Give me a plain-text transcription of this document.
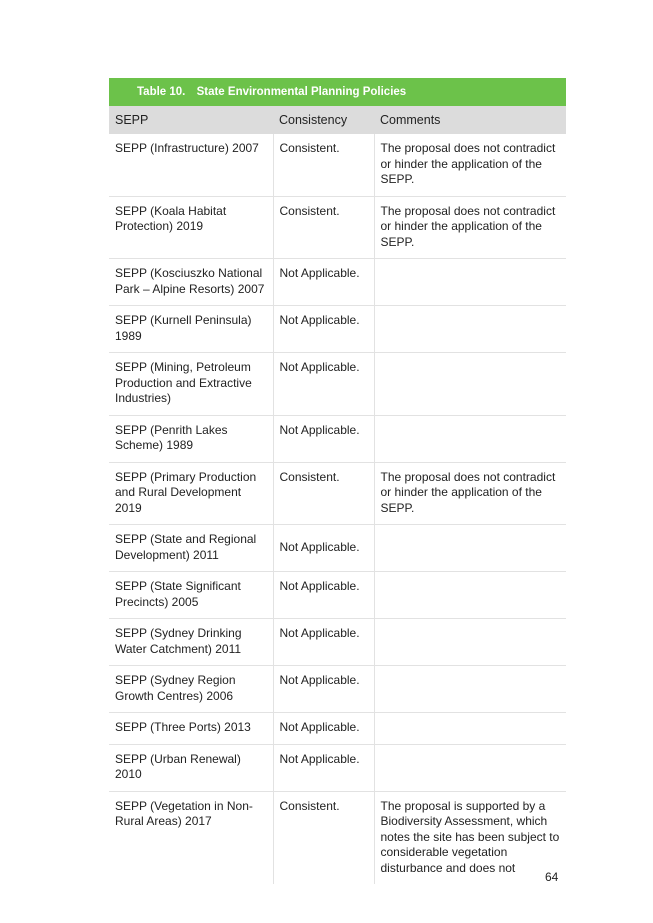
Table 10. State Environmental Planning Policies
SEPP	Consistency	Comments
SEPP (Infrastructure) 2007	Consistent.	The proposal does not contradict or hinder the application of the SEPP.
SEPP (Koala Habitat Protection) 2019	Consistent.	The proposal does not contradict or hinder the application of the SEPP.
SEPP (Kosciuszko National Park – Alpine Resorts) 2007	Not Applicable.	
SEPP (Kurnell Peninsula) 1989	Not Applicable.	
SEPP (Mining, Petroleum Production and Extractive Industries)	Not Applicable.	
SEPP (Penrith Lakes Scheme) 1989	Not Applicable.	
SEPP (Primary Production and Rural Development 2019	Consistent.	The proposal does not contradict or hinder the application of the SEPP.
SEPP (State and Regional Development) 2011	Not Applicable.	
SEPP (State Significant Precincts) 2005	Not Applicable.	
SEPP (Sydney Drinking Water Catchment) 2011	Not Applicable.	
SEPP (Sydney Region Growth Centres) 2006	Not Applicable.	
SEPP (Three Ports) 2013	Not Applicable.	
SEPP (Urban Renewal) 2010	Not Applicable.	
SEPP (Vegetation in Non-Rural Areas) 2017	Consistent.	The proposal is supported by a Biodiversity Assessment, which notes the site has been subject to considerable vegetation disturbance and does not
64
